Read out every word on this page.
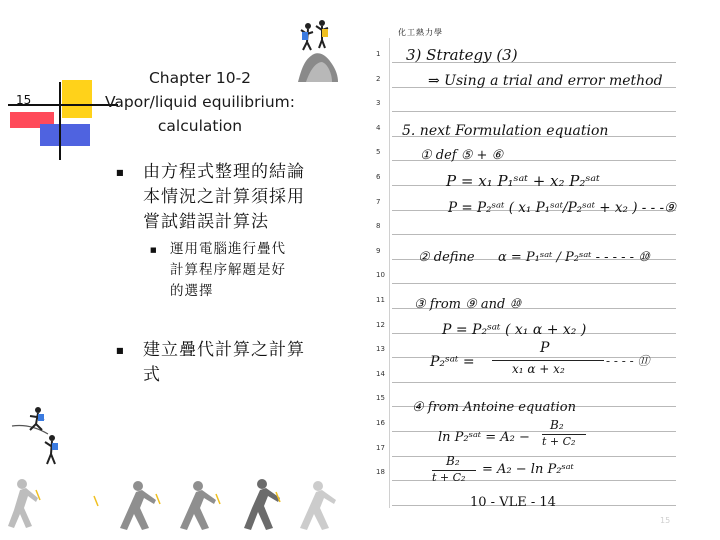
15
Chapter 10-2
Vapor/liquid equilibrium:
calculation
■ 由方程式整理的結論
本情況之計算須採用
嘗試錯誤計算法
■ 運用電腦進行疊代
計算程序解題是好
的選擇
■ 建立疊代計算之計算
式
化工熱力學
1
2
3
4
5
6
7
8
9
10
11
12
13
14
15
16
17
18
3) Strategy (3)
⇒ Using a trial and error method
5. next Formulation equation
① def ⑤ + ⑥
P = x₁ P₁ˢᵃᵗ + x₂ P₂ˢᵃᵗ
P = P₂ˢᵃᵗ ( x₁ P₁ˢᵃᵗ/P₂ˢᵃᵗ + x₂ ) - - -⑨
② define α = P₁ˢᵃᵗ / P₂ˢᵃᵗ - - - - - ⑩
③ from ⑨ and ⑩
P = P₂ˢᵃᵗ ( x₁ α + x₂ )
P₂ˢᵃᵗ =
P
x₁ α + x₂
- - - - ⑪
④ from Antoine equation
ln P₂ˢᵃᵗ = A₂ −
B₂
t + C₂
B₂
t + C₂
= A₂ − ln P₂ˢᵃᵗ
10 - VLE - 14
15
